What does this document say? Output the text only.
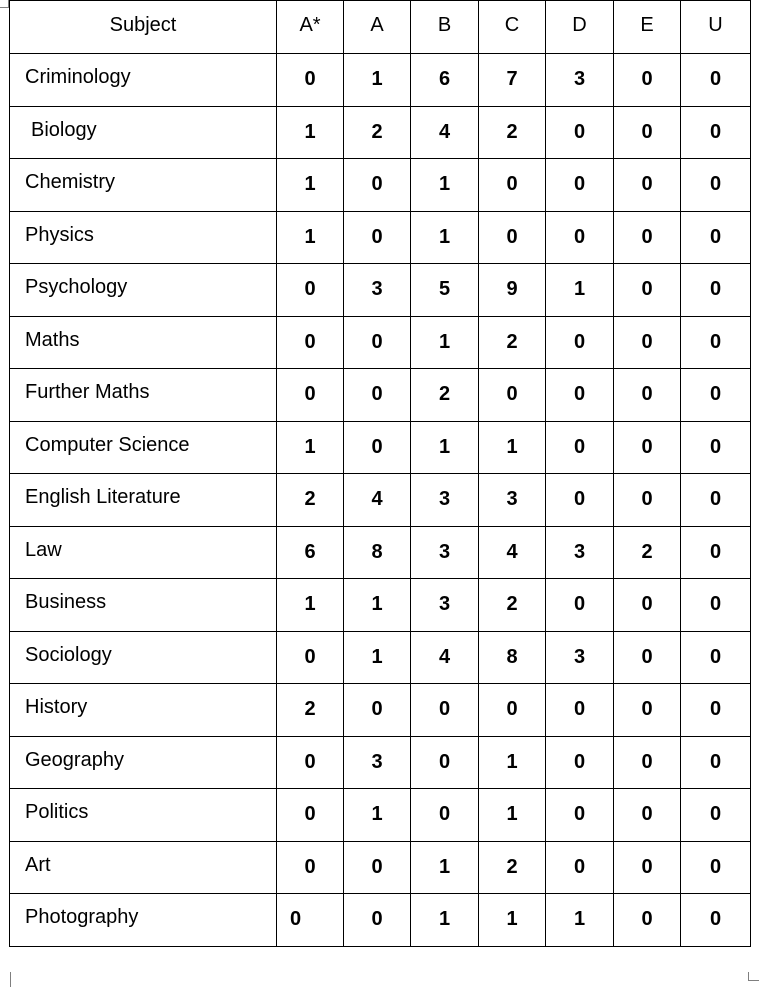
Subject	A*	A	B	C	D	E	U
Criminology	0	1	6	7	3	0	0
Biology	1	2	4	2	0	0	0
Chemistry	1	0	1	0	0	0	0
Physics	1	0	1	0	0	0	0
Psychology	0	3	5	9	1	0	0
Maths	0	0	1	2	0	0	0
Further Maths	0	0	2	0	0	0	0
Computer Science	1	0	1	1	0	0	0
English Literature	2	4	3	3	0	0	0
Law	6	8	3	4	3	2	0
Business	1	1	3	2	0	0	0
Sociology	0	1	4	8	3	0	0
History	2	0	0	0	0	0	0
Geography	0	3	0	1	0	0	0
Politics	0	1	0	1	0	0	0
Art	0	0	1	2	0	0	0
Photography	0	0	1	1	1	0	0
